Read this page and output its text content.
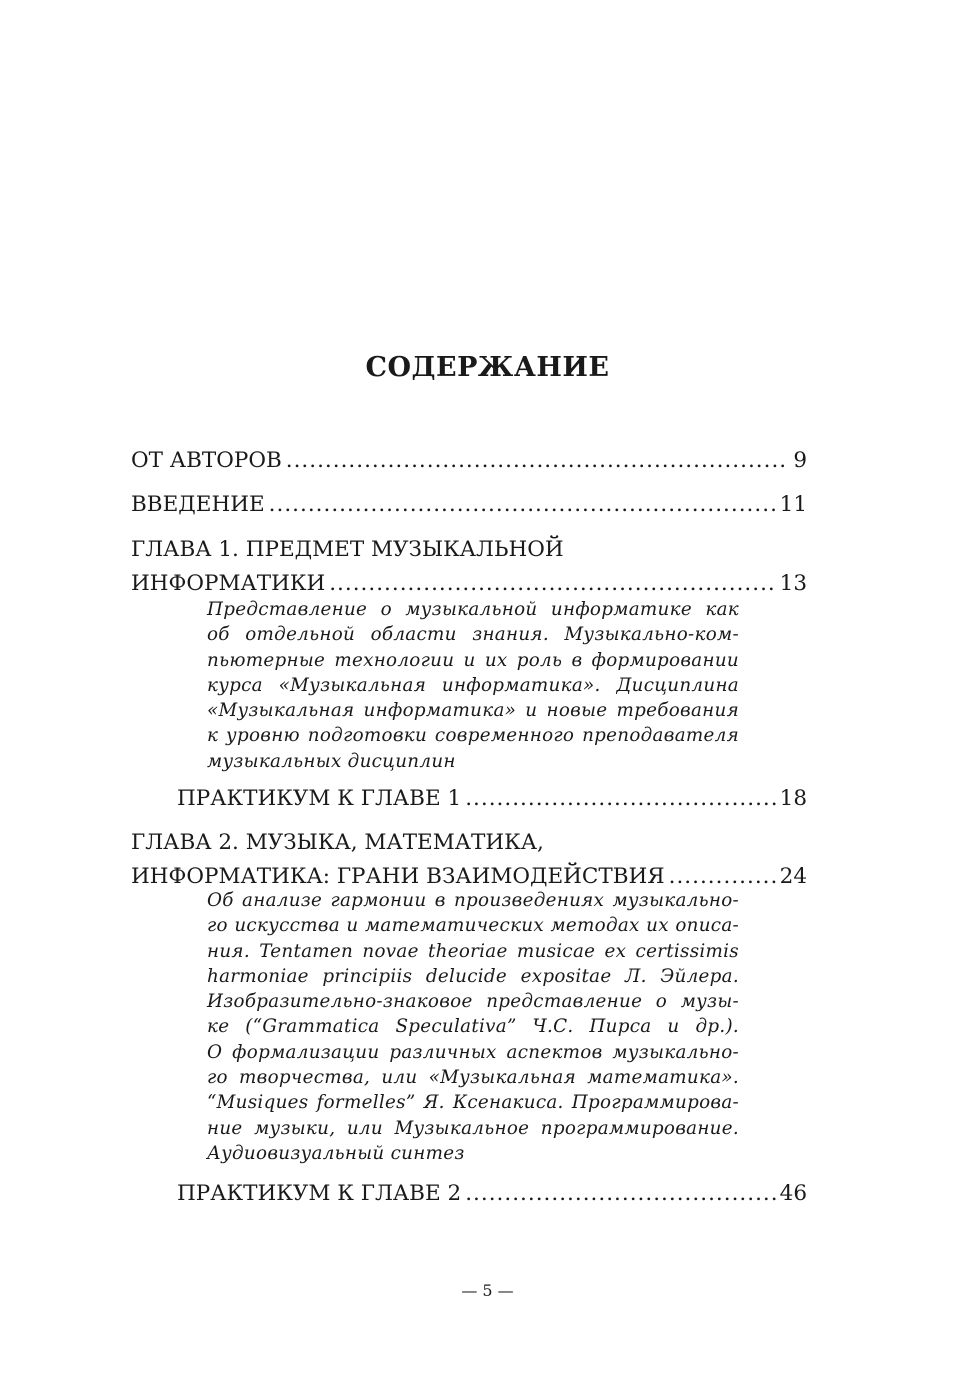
СОДЕРЖАНИЕ
ОТ АВТОРОВ .....	9
ВВЕДЕНИЕ .....	11
ГЛАВА 1. ПРЕДМЕТ МУЗЫКАЛЬНОЙ
ИНФОРМАТИКИ .....	13
Представление о музыкальной информатике как
об отдельной области знания. Музыкально-ком-
пьютерные технологии и их роль в формировании
курса «Музыкальная информатика». Дисциплина
«Музыкальная информатика» и новые требования
к уровню подготовки современного преподавателя
музыкальных дисциплин
ПРАКТИКУМ К ГЛАВЕ 1 .....	18
ГЛАВА 2. МУЗЫКА, МАТЕМАТИКА,
ИНФОРМАТИКА: ГРАНИ ВЗАИМОДЕЙСТВИЯ .....	24
Об анализе гармонии в произведениях музыкально-
го искусства и математических методах их описа-
ния. Tentamen novae theoriae musicae ex certissimis
harmoniae principiis delucide expositae Л. Эйлера.
Изобразительно-знаковое представление о музы-
ке (“Grammatica Speculativa” Ч.С. Пирса и др.).
О формализации различных аспектов музыкально-
го творчества, или «Музыкальная математика».
“Musiques formelles” Я. Ксенакиса. Программирова-
ние музыки, или Музыкальное программирование.
Аудиовизуальный синтез
ПРАКТИКУМ К ГЛАВЕ 2 .....	46
— 5 —
